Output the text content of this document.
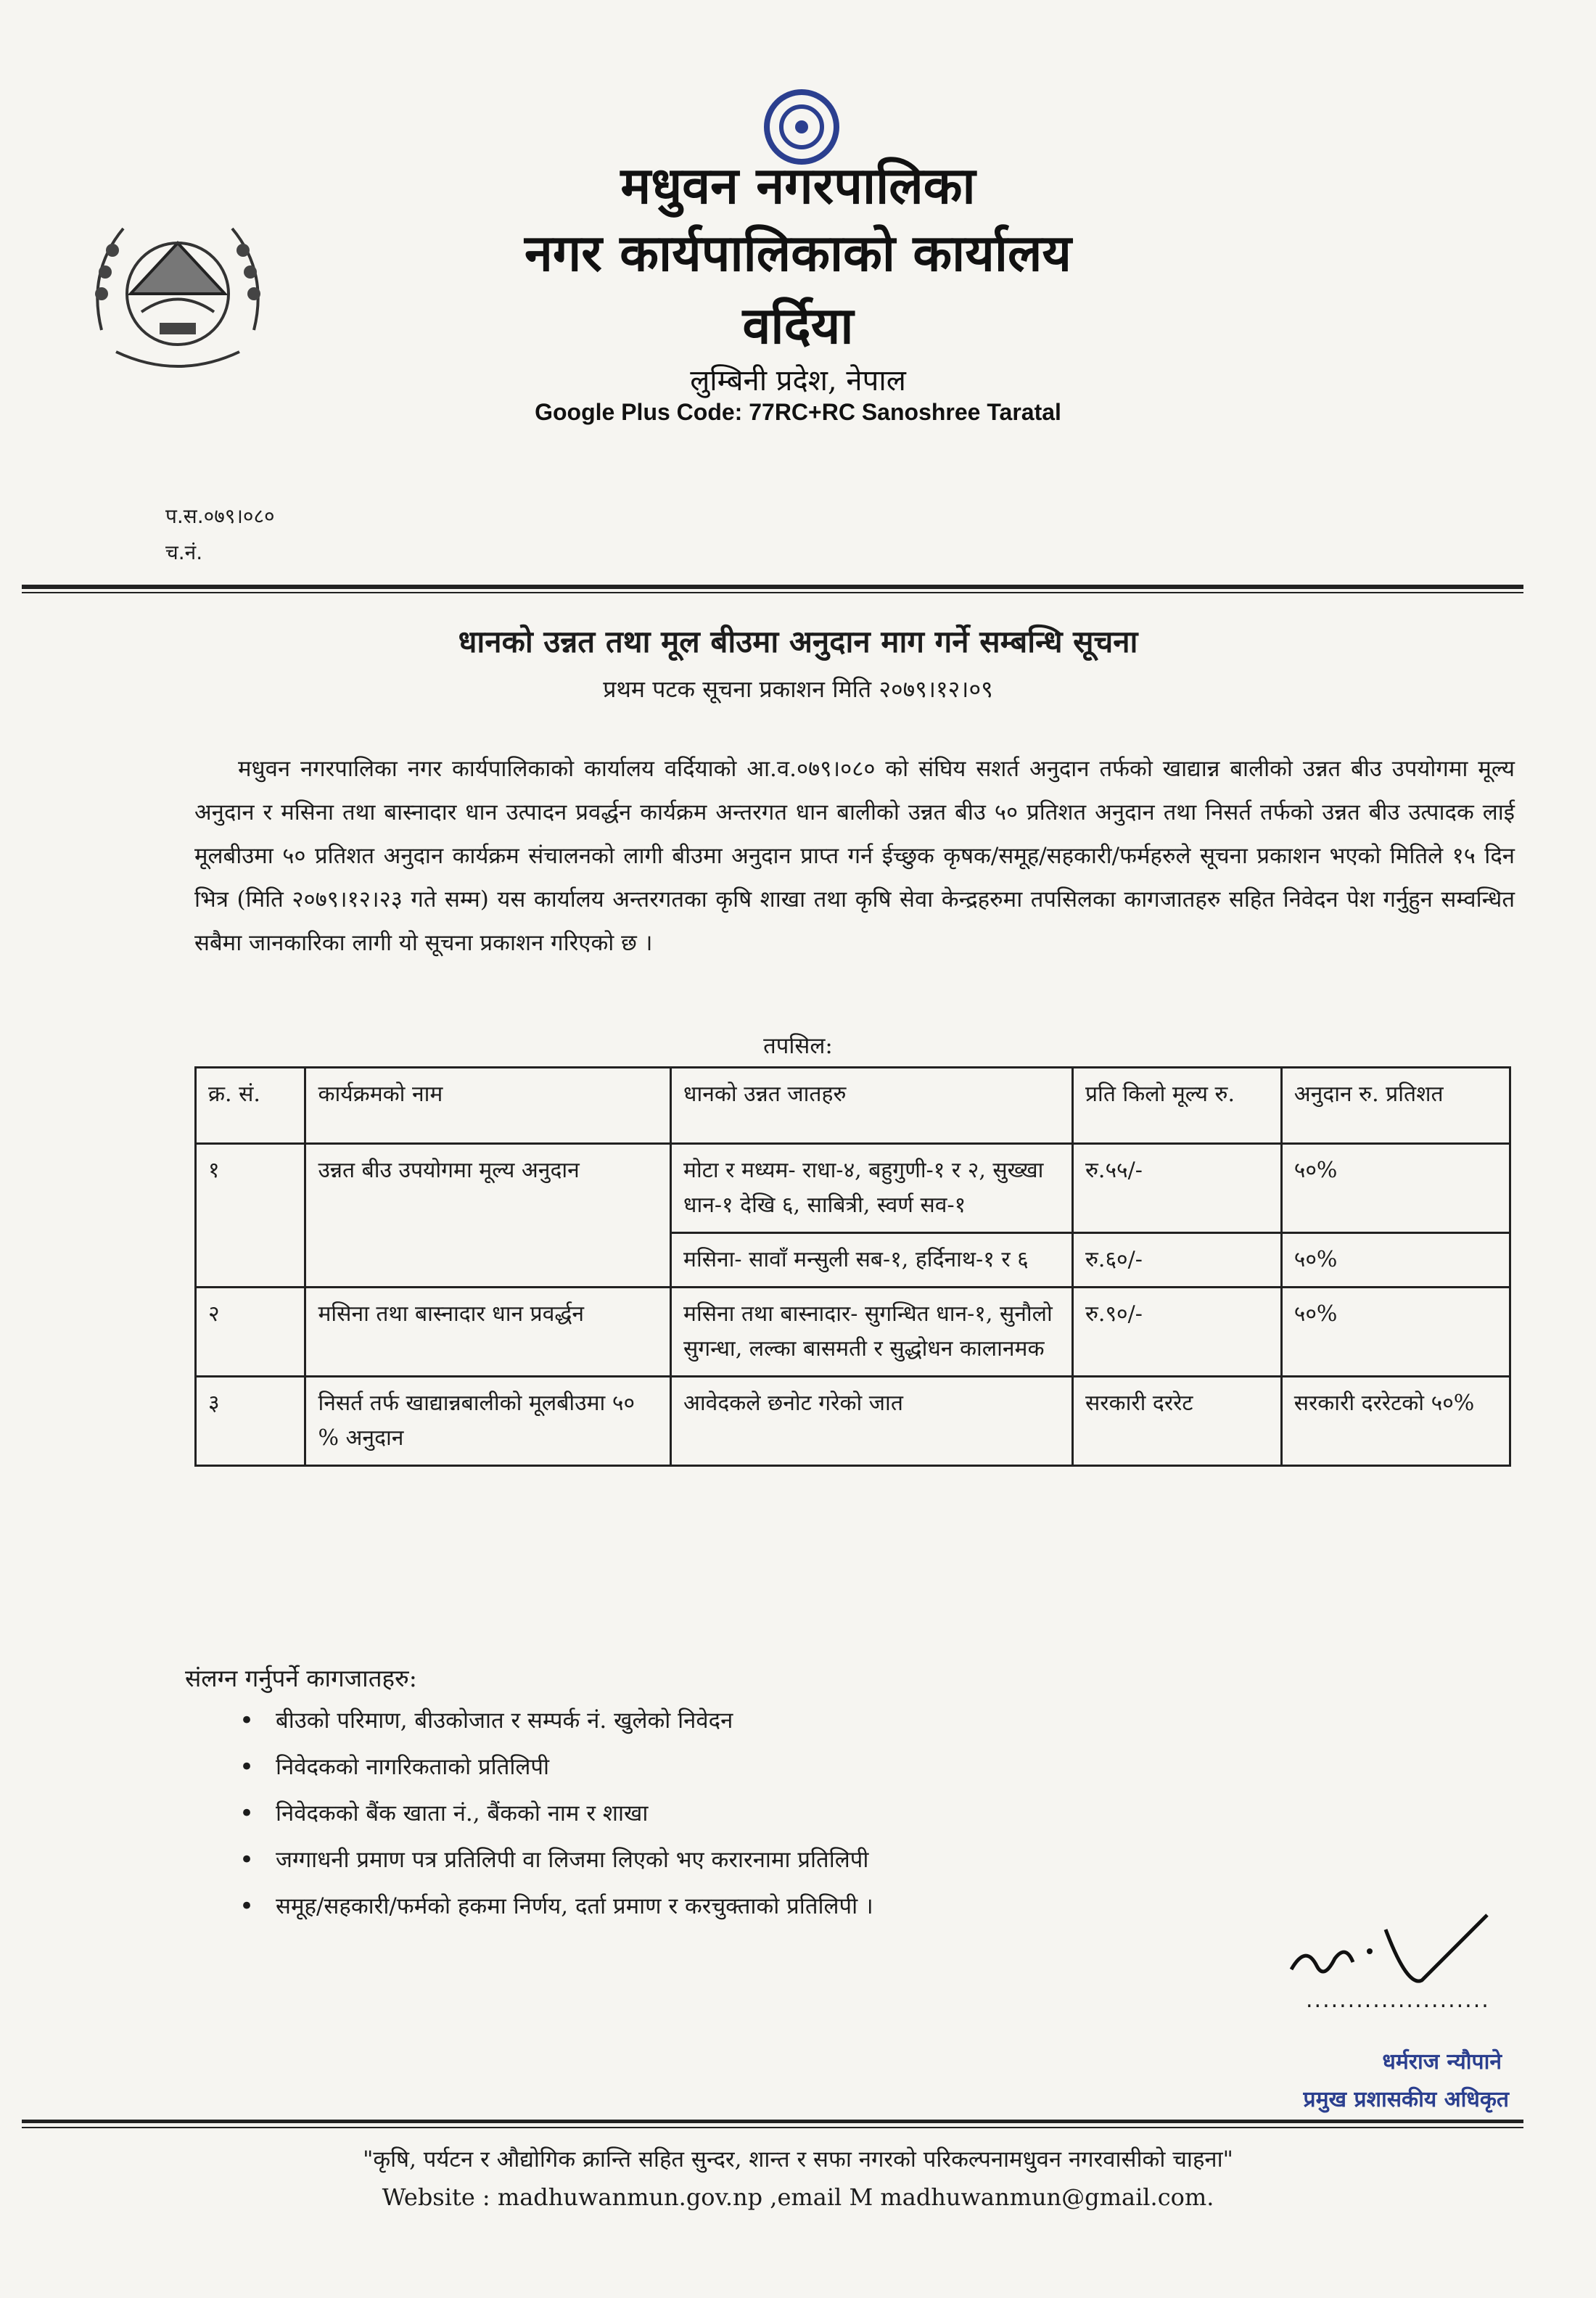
मधुवन नगरपालिका
नगर कार्यपालिकाको कार्यालय
वर्दिया
लुम्बिनी प्रदेश, नेपाल
Google Plus Code: 77RC+RC Sanoshree Taratal
प.स.०७९।०८०
च.नं.
धानको उन्नत तथा मूल बीउमा अनुदान माग गर्ने सम्बन्धि सूचना
प्रथम पटक सूचना प्रकाशन मिति २०७९।१२।०९
मधुवन नगरपालिका नगर कार्यपालिकाको कार्यालय वर्दियाको आ.व.०७९।०८० को संघिय सशर्त अनुदान तर्फको खाद्यान्न बालीको उन्नत बीउ उपयोगमा मूल्य अनुदान र मसिना तथा बास्नादार धान उत्पादन प्रवर्द्धन कार्यक्रम अन्तरगत धान बालीको उन्नत बीउ ५० प्रतिशत अनुदान तथा निसर्त तर्फको उन्नत बीउ उत्पादक लाई मूलबीउमा ५० प्रतिशत अनुदान कार्यक्रम संचालनको लागी बीउमा अनुदान प्राप्त गर्न ईच्छुक कृषक/समूह/सहकारी/फर्महरुले सूचना प्रकाशन भएको मितिले १५ दिन भित्र (मिति २०७९।१२।२३ गते सम्म) यस कार्यालय अन्तरगतका कृषि शाखा तथा कृषि सेवा केन्द्रहरुमा तपसिलका कागजातहरु सहित निवेदन पेश गर्नुहुन सम्वन्धित सबैमा जानकारिका लागी यो सूचना प्रकाशन गरिएको छ ।
तपसिल:
क्र. सं.	कार्यक्रमको नाम	धानको उन्नत जातहरु	प्रति किलो मूल्य रु.	अनुदान रु. प्रतिशत
१	उन्नत बीउ उपयोगमा मूल्य अनुदान	मोटा र मध्यम- राधा-४, बहुगुणी-१ र २, सुख्खा धान-१ देखि ६, साबित्री, स्वर्ण सव-१	रु.५५/-	५०%
		मसिना- सावाँ मन्सुली सब-१, हर्दिनाथ-१ र ६	रु.६०/-	५०%
२	मसिना तथा बास्नादार धान प्रवर्द्धन	मसिना तथा बास्नादार- सुगन्धित धान-१, सुनौलो सुगन्धा, लल्का बासमती र सुद्धोधन कालानमक	रु.९०/-	५०%
३	निसर्त तर्फ खाद्यान्नबालीको मूलबीउमा ५० % अनुदान	आवेदकले छनोट गरेको जात	सरकारी दररेट	सरकारी दररेटको ५०%
संलग्न गर्नुपर्ने कागजातहरु:
• बीउको परिमाण, बीउकोजात र सम्पर्क नं. खुलेको निवेदन
• निवेदकको नागरिकताको प्रतिलिपी
• निवेदकको बैंक खाता नं., बैंकको नाम र शाखा
• जग्गाधनी प्रमाण पत्र प्रतिलिपी वा लिजमा लिएको भए करारनामा प्रतिलिपी
• समूह/सहकारी/फर्मको हकमा निर्णय, दर्ता प्रमाण र करचुक्ताको प्रतिलिपी ।
......................
धर्मराज न्यौपाने
प्रमुख प्रशासकीय अधिकृत
"कृषि, पर्यटन र औद्योगिक क्रान्ति सहित सुन्दर, शान्त र सफा नगरको परिकल्पनामधुवन नगरवासीको चाहना"
Website : madhuwanmun.gov.np ,email M madhuwanmun@gmail.com.
